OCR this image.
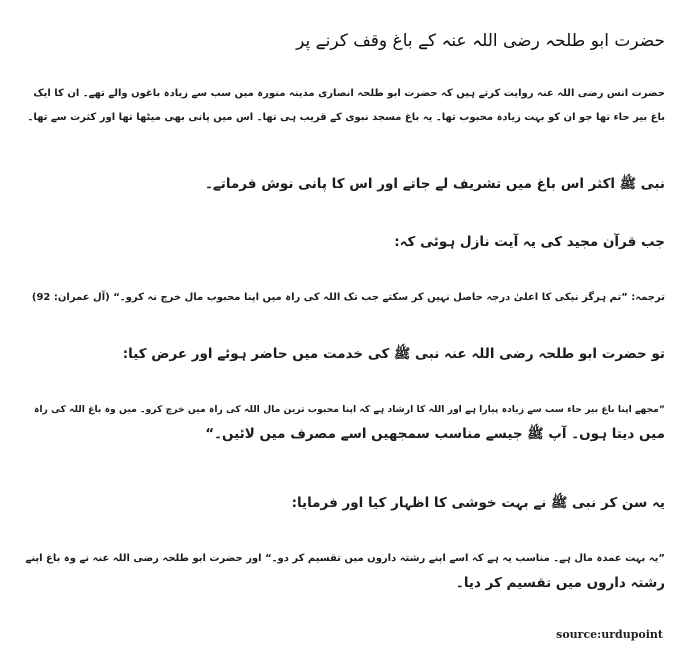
حضرت ابو طلحہ رضی اللہ عنہ کے باغ وقف کرنے پر

حضرت انس رضی اللہ عنہ روایت کرتے ہیں کہ حضرت ابو طلحہ انصاری مدینہ منورہ میں سب سے زیادہ باغوں والے تھے۔ ان کا ایک
باغ بیر حاء تھا جو ان کو بہت زیادہ محبوب تھا۔ یہ باغ مسجد نبوی کے قریب ہی تھا۔ اس میں پانی بھی میٹھا تھا اور کثرت سے تھا۔

نبی ﷺ اکثر اس باغ میں تشریف لے جاتے اور اس کا پانی نوش فرماتے۔

جب قرآن مجید کی یہ آیت نازل ہوئی کہ:

ترجمہ: ”تم ہرگز نیکی کا اعلیٰ درجہ حاصل نہیں کر سکتے جب تک اللہ کی راہ میں اپنا محبوب مال خرچ نہ کرو۔“ (آل عمران: 92)

تو حضرت ابو طلحہ رضی اللہ عنہ نبی ﷺ کی خدمت میں حاضر ہوئے اور عرض کیا:

”مجھے اپنا باغ بیر حاء سب سے زیادہ پیارا ہے اور اللہ کا ارشاد ہے کہ اپنا محبوب ترین مال اللہ کی راہ میں خرچ کرو۔ میں وہ باغ اللہ کی راہ
میں دیتا ہوں۔ آپ ﷺ جیسے مناسب سمجھیں اسے مصرف میں لائیں۔“

یہ سن کر نبی ﷺ نے بہت خوشی کا اظہار کیا اور فرمایا:

”یہ بہت عمدہ مال ہے۔ مناسب یہ ہے کہ اسے اپنے رشتہ داروں میں تقسیم کر دو۔“ اور حضرت ابو طلحہ رضی اللہ عنہ نے وہ باغ اپنے
رشتہ داروں میں تقسیم کر دیا۔

source:urdupoint
